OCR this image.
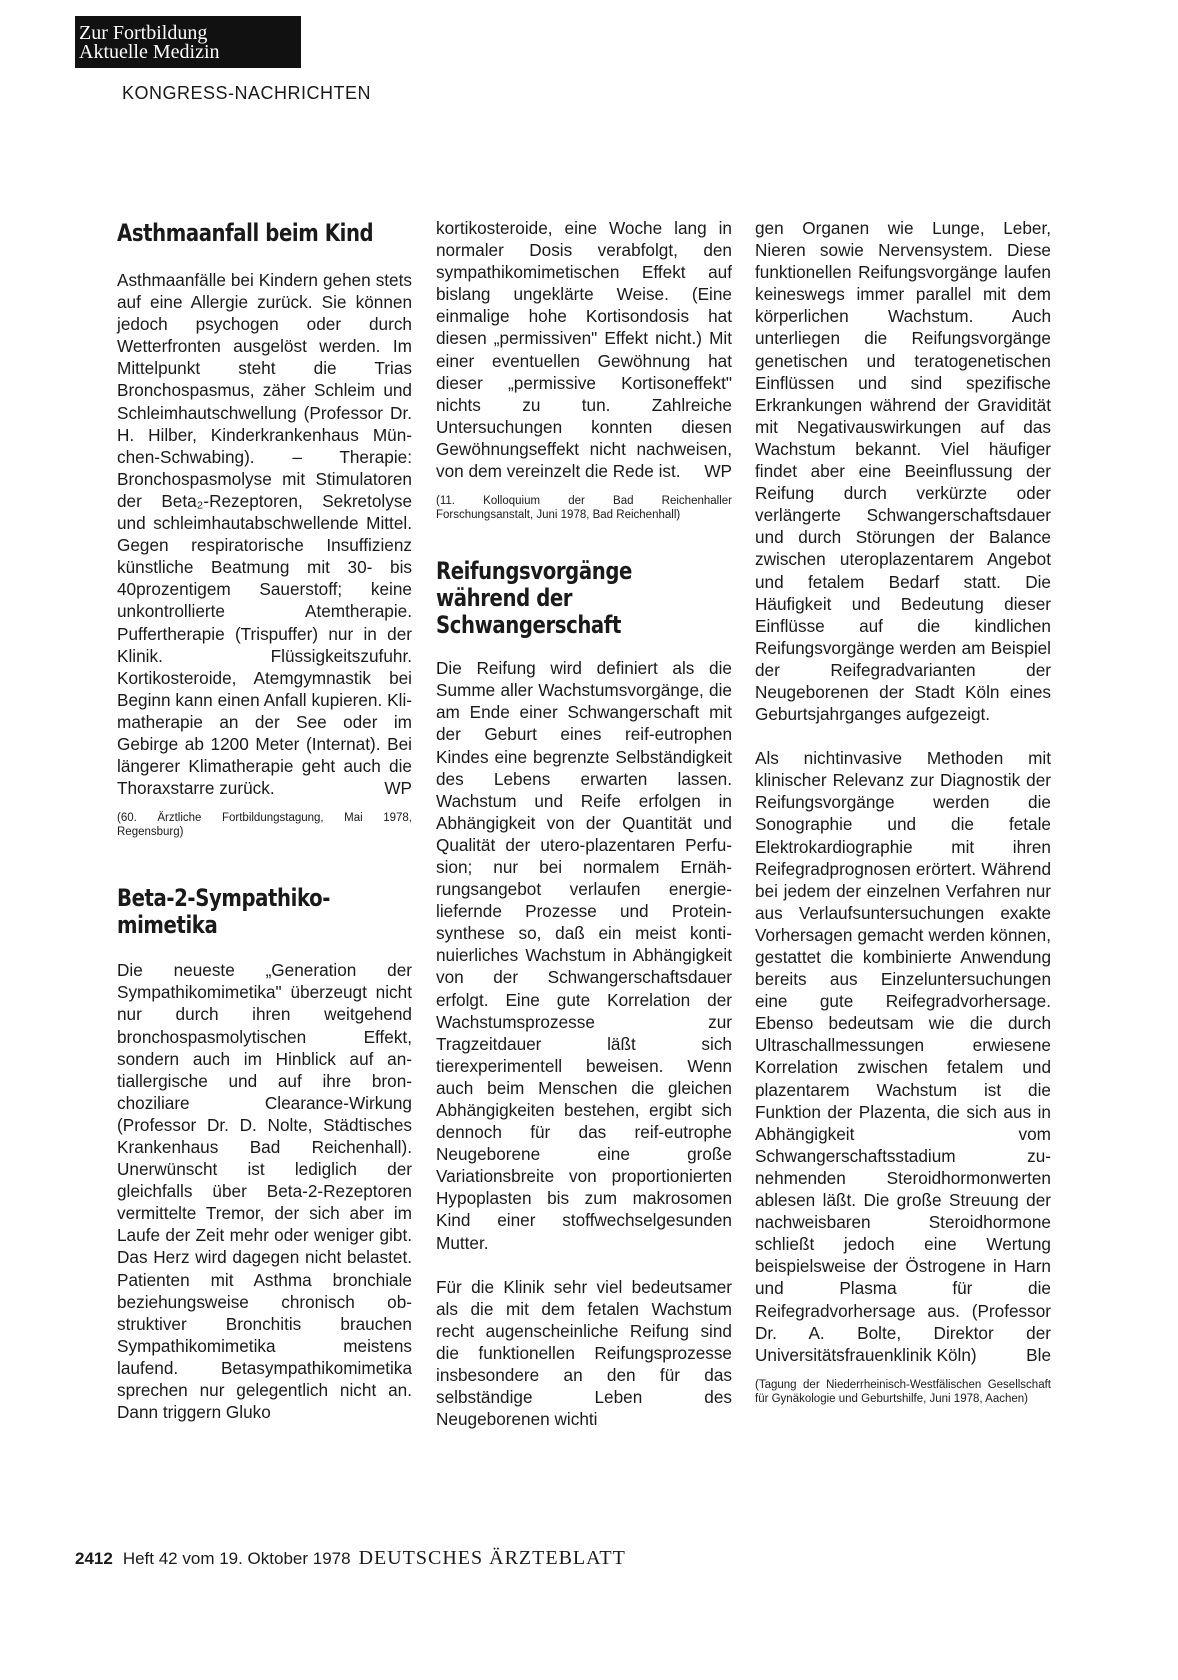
Zur Fortbildung
Aktuelle Medizin
KONGRESS-NACHRICHTEN
Asthmaanfall beim Kind

Asthmaanfälle bei Kindern gehen stets auf eine Allergie zurück. Sie können jedoch psychogen oder durch Wetterfronten ausgelöst werden. Im Mittelpunkt steht die Trias Bronchospasmus, zäher Schleim und Schleimhautschwellung (Professor Dr. H. Hilber, Kinderkrankenhaus München-Schwabing). – Therapie: Bronchospasmolyse mit Stimulatoren der Beta₂-Rezeptoren, Sekretolyse und schleimhautabschwellende Mittel. Gegen respiratorische Insuffizienz künstliche Beatmung mit 30- bis 40prozentigem Sauerstoff; keine unkontrollierte Atemtherapie. Puffertherapie (Trispuffer) nur in der Klinik. Flüssigkeitszufuhr. Kortikosteroide, Atemgymnastik bei Beginn kann einen Anfall kupieren. Klimatherapie an der See oder im Gebirge ab 1200 Meter (Internat). Bei längerer Klimatherapie geht auch die Thoraxstarre zurück.	WP

(60. Ärztliche Fortbildungstagung, Mai 1978, Regensburg)

Beta-2-Sympathikomimetika

Die neueste „Generation der Sympathikomimetika" überzeugt nicht nur durch ihren weitgehend bronchospasmolytischen Effekt, sondern auch im Hinblick auf antiallergische und auf ihre bronchoziliare Clearance-Wirkung (Professor Dr. D. Nolte, Städtisches Krankenhaus Bad Reichenhall). Unerwünscht ist lediglich der gleichfalls über Beta-2-Rezeptoren vermittelte Tremor, der sich aber im Laufe der Zeit mehr oder weniger gibt. Das Herz wird dagegen nicht belastet. Patienten mit Asthma bronchiale beziehungsweise chronisch obstruktiver Bronchitis brauchen Sympathikomimetika meistens laufend. Betasympathikomimetika sprechen nur gelegentlich nicht an. Dann triggern Gluko

kortikosteroide, eine Woche lang in normaler Dosis verabfolgt, den sympathikomimetischen Effekt auf bislang ungeklärte Weise. (Eine einmalige hohe Kortisondosis hat diesen „permissiven" Effekt nicht.) Mit einer eventuellen Gewöhnung hat dieser „permissive Kortisoneffekt" nichts zu tun. Zahlreiche Untersuchungen konnten diesen Gewöhnungseffekt nicht nachweisen, von dem vereinzelt die Rede ist. WP

(11. Kolloquium der Bad Reichenhaller Forschungsanstalt, Juni 1978, Bad Reichenhall)

Reifungsvorgänge während der Schwangerschaft

Die Reifung wird definiert als die Summe aller Wachstumsvorgänge, die am Ende einer Schwangerschaft mit der Geburt eines reif-eutrophen Kindes eine begrenzte Selbständigkeit des Lebens erwarten lassen. Wachstum und Reife erfolgen in Abhängigkeit von der Quantität und Qualität der utero-plazentaren Perfusion; nur bei normalem Ernährungsangebot verlaufen energieliefernde Prozesse und Proteinsynthese so, daß ein meist kontinuierliches Wachstum in Abhängigkeit von der Schwangerschaftsdauer erfolgt. Eine gute Korrelation der Wachstumsprozesse zur Tragzeitdauer läßt sich tierexperimentell beweisen. Wenn auch beim Menschen die gleichen Abhängigkeiten bestehen, ergibt sich dennoch für das reif-eutrophe Neugeborene eine große Variationsbreite von proportionierten Hypoplasten bis zum makrosomen Kind einer stoffwechselgesunden Mutter.

Für die Klinik sehr viel bedeutsamer als die mit dem fetalen Wachstum recht augenscheinliche Reifung sind die funktionellen Reifungsprozesse insbesondere an den für das selbständige Leben des Neugeborenen wichti

gen Organen wie Lunge, Leber, Nieren sowie Nervensystem. Diese funktionellen Reifungsvorgänge laufen keineswegs immer parallel mit dem körperlichen Wachstum. Auch unterliegen die Reifungsvorgänge genetischen und teratogenetischen Einflüssen und sind spezifische Erkrankungen während der Gravidität mit Negativauswirkungen auf das Wachstum bekannt. Viel häufiger findet aber eine Beeinflussung der Reifung durch verkürzte oder verlängerte Schwangerschaftsdauer und durch Störungen der Balance zwischen uteroplazentarem Angebot und fetalem Bedarf statt. Die Häufigkeit und Bedeutung dieser Einflüsse auf die kindlichen Reifungsvorgänge werden am Beispiel der Reifegradvarianten der Neugeborenen der Stadt Köln eines Geburtsjahrganges aufgezeigt.

Als nichtinvasive Methoden mit klinischer Relevanz zur Diagnostik der Reifungsvorgänge werden die Sonographie und die fetale Elektrokardiographie mit ihren Reifegradprognosen erörtert. Während bei jedem der einzelnen Verfahren nur aus Verlaufsuntersuchungen exakte Vorhersagen gemacht werden können, gestattet die kombinierte Anwendung bereits aus Einzeluntersuchungen eine gute Reifegradvorhersage. Ebenso bedeutsam wie die durch Ultraschallmessungen erwiesene Korrelation zwischen fetalem und plazentarem Wachstum ist die Funktion der Plazenta, die sich aus in Abhängigkeit vom Schwangerschaftsstadium zunehmenden Steroidhormonwerten ablesen läßt. Die große Streuung der nachweisbaren Steroidhormone schließt jedoch eine Wertung beispielsweise der Östrogene in Harn und Plasma für die Reifegradvorhersage aus. (Professor Dr. A. Bolte, Direktor der Universitätsfrauenklinik Köln)	Ble

(Tagung der Niederrheinisch-Westfälischen Gesellschaft für Gynäkologie und Geburtshilfe, Juni 1978, Aachen)

2412 Heft 42 vom 19. Oktober 1978 DEUTSCHES ÄRZTEBLATT
